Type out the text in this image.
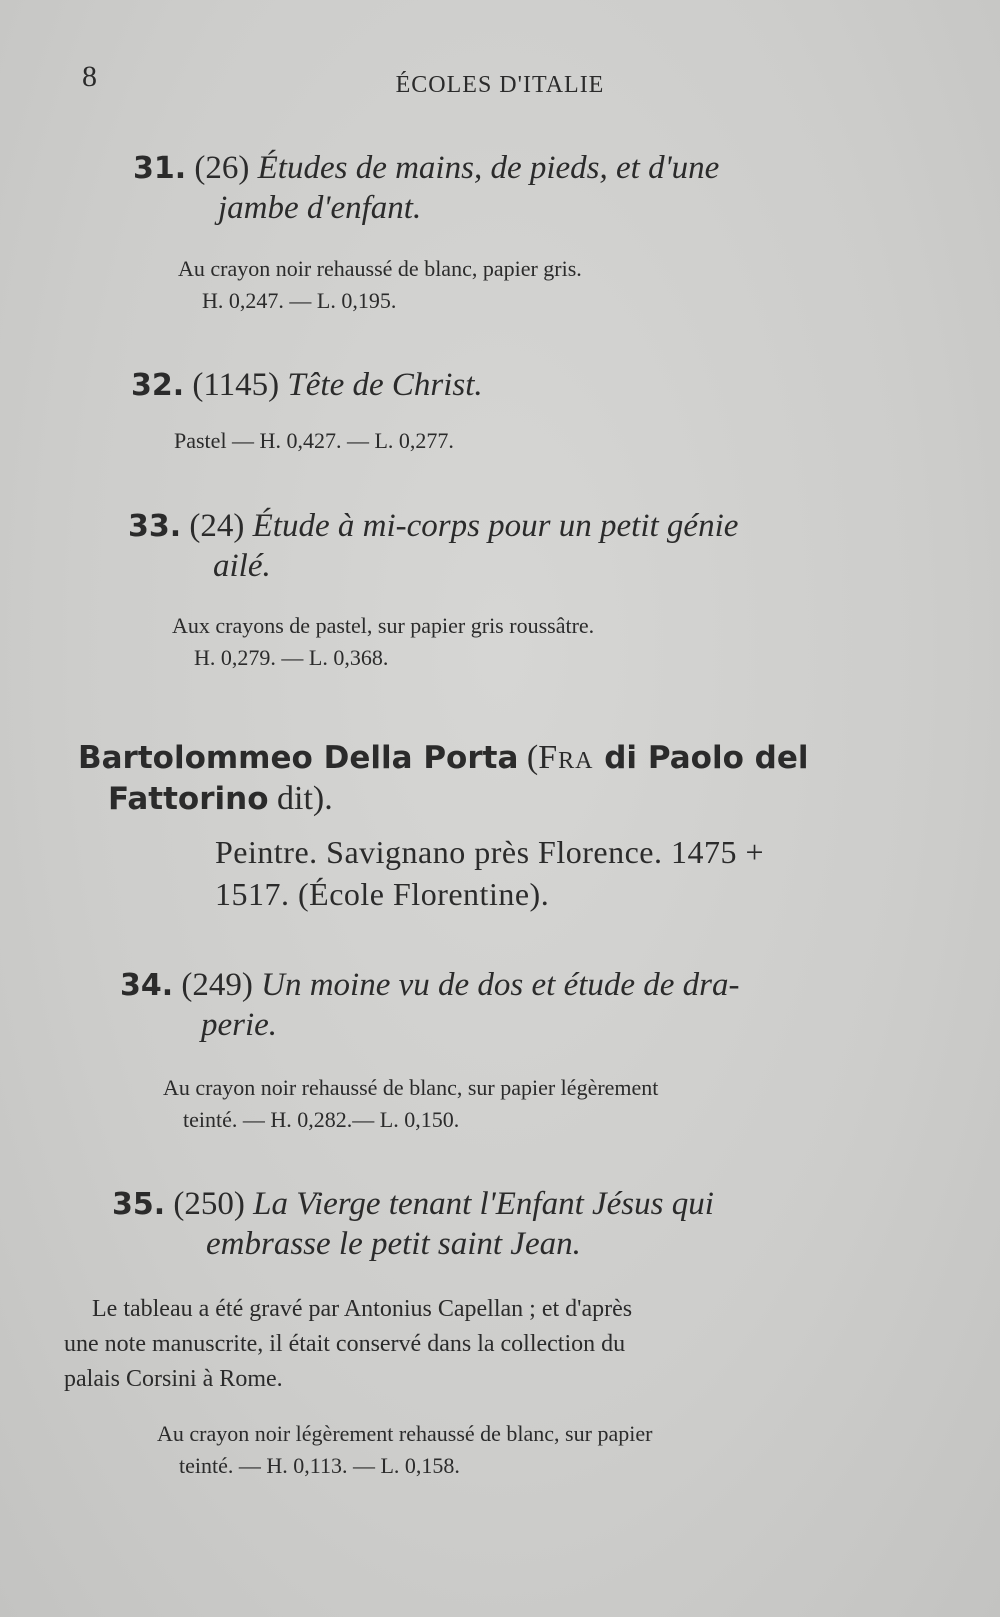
8	ÉCOLES D'ITALIE
31. (26) Études de mains, de pieds, et d'une
jambe d'enfant.
Au crayon noir rehaussé de blanc, papier gris.
H. 0,247. — L. 0,195.
32. (1145) Tête de Christ.
Pastel — H. 0,427. — L. 0,277.
33. (24) Étude à mi-corps pour un petit génie
ailé.
Aux crayons de pastel, sur papier gris roussâtre.
H. 0,279. — L. 0,368.
Bartolommeo Della Porta (Fra di Paolo del
Fattorino dit).
Peintre. Savignano près Florence. 1475 +
1517. (École Florentine).
34. (249) Un moine vu de dos et étude de dra-
perie.
Au crayon noir rehaussé de blanc, sur papier légèrement
teinté. — H. 0,282.— L. 0,150.
35. (250) La Vierge tenant l'Enfant Jésus qui
embrasse le petit saint Jean.
Le tableau a été gravé par Antonius Capellan ; et d'après
une note manuscrite, il était conservé dans la collection du
palais Corsini à Rome.
Au crayon noir légèrement rehaussé de blanc, sur papier
teinté. — H. 0,113. — L. 0,158.
